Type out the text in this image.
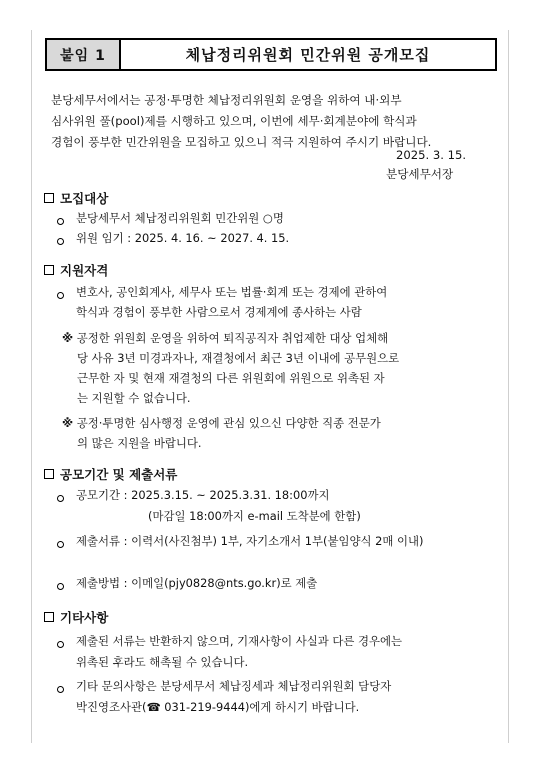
붙임 1	체납정리위원회 민간위원 공개모집

분당세무서에서는 공정·투명한 체납정리위원회 운영을 위하여 내·외부

심사위원 풀(pool)제를 시행하고 있으며, 이번에 세무·회계분야에 학식과

경험이 풍부한 민간위원을 모집하고 있으니 적극 지원하여 주시기 바랍니다.

2025. 3. 15.
분당세무서장
모집대상
분당세무서 체납정리위원회 민간위원 ○명
위원 임기 : 2025. 4. 16. ~ 2027. 4. 15.
지원자격
변호사, 공인회계사, 세무사 또는 법률·회계 또는 경제에 관하여
학식과 경험이 풍부한 사람으로서 경제계에 종사하는 사람
※ 공정한 위원회 운영을 위하여 퇴직공직자 취업제한 대상 업체해
당 사유 3년 미경과자나, 재결청에서 최근 3년 이내에 공무원으로
근무한 자 및 현재 재결청의 다른 위원회에 위원으로 위촉된 자
는 지원할 수 없습니다.
※ 공정·투명한 심사행정 운영에 관심 있으신 다양한 직종 전문가
의 많은 지원을 바랍니다.
공모기간 및 제출서류
공모기간 : 2025.3.15. ~ 2025.3.31. 18:00까지
(마감일 18:00까지 e-mail 도착분에 한함)
제출서류 : 이력서(사진첨부) 1부, 자기소개서 1부(붙임양식 2매 이내)
제출방법 : 이메일(pjy0828@nts.go.kr)로 제출
기타사항
제출된 서류는 반환하지 않으며, 기재사항이 사실과 다른 경우에는
위촉된 후라도 해촉될 수 있습니다.
기타 문의사항은 분당세무서 체납징세과 체납정리위원회 담당자
박진영조사관(☎ 031-219-9444)에게 하시기 바랍니다.
